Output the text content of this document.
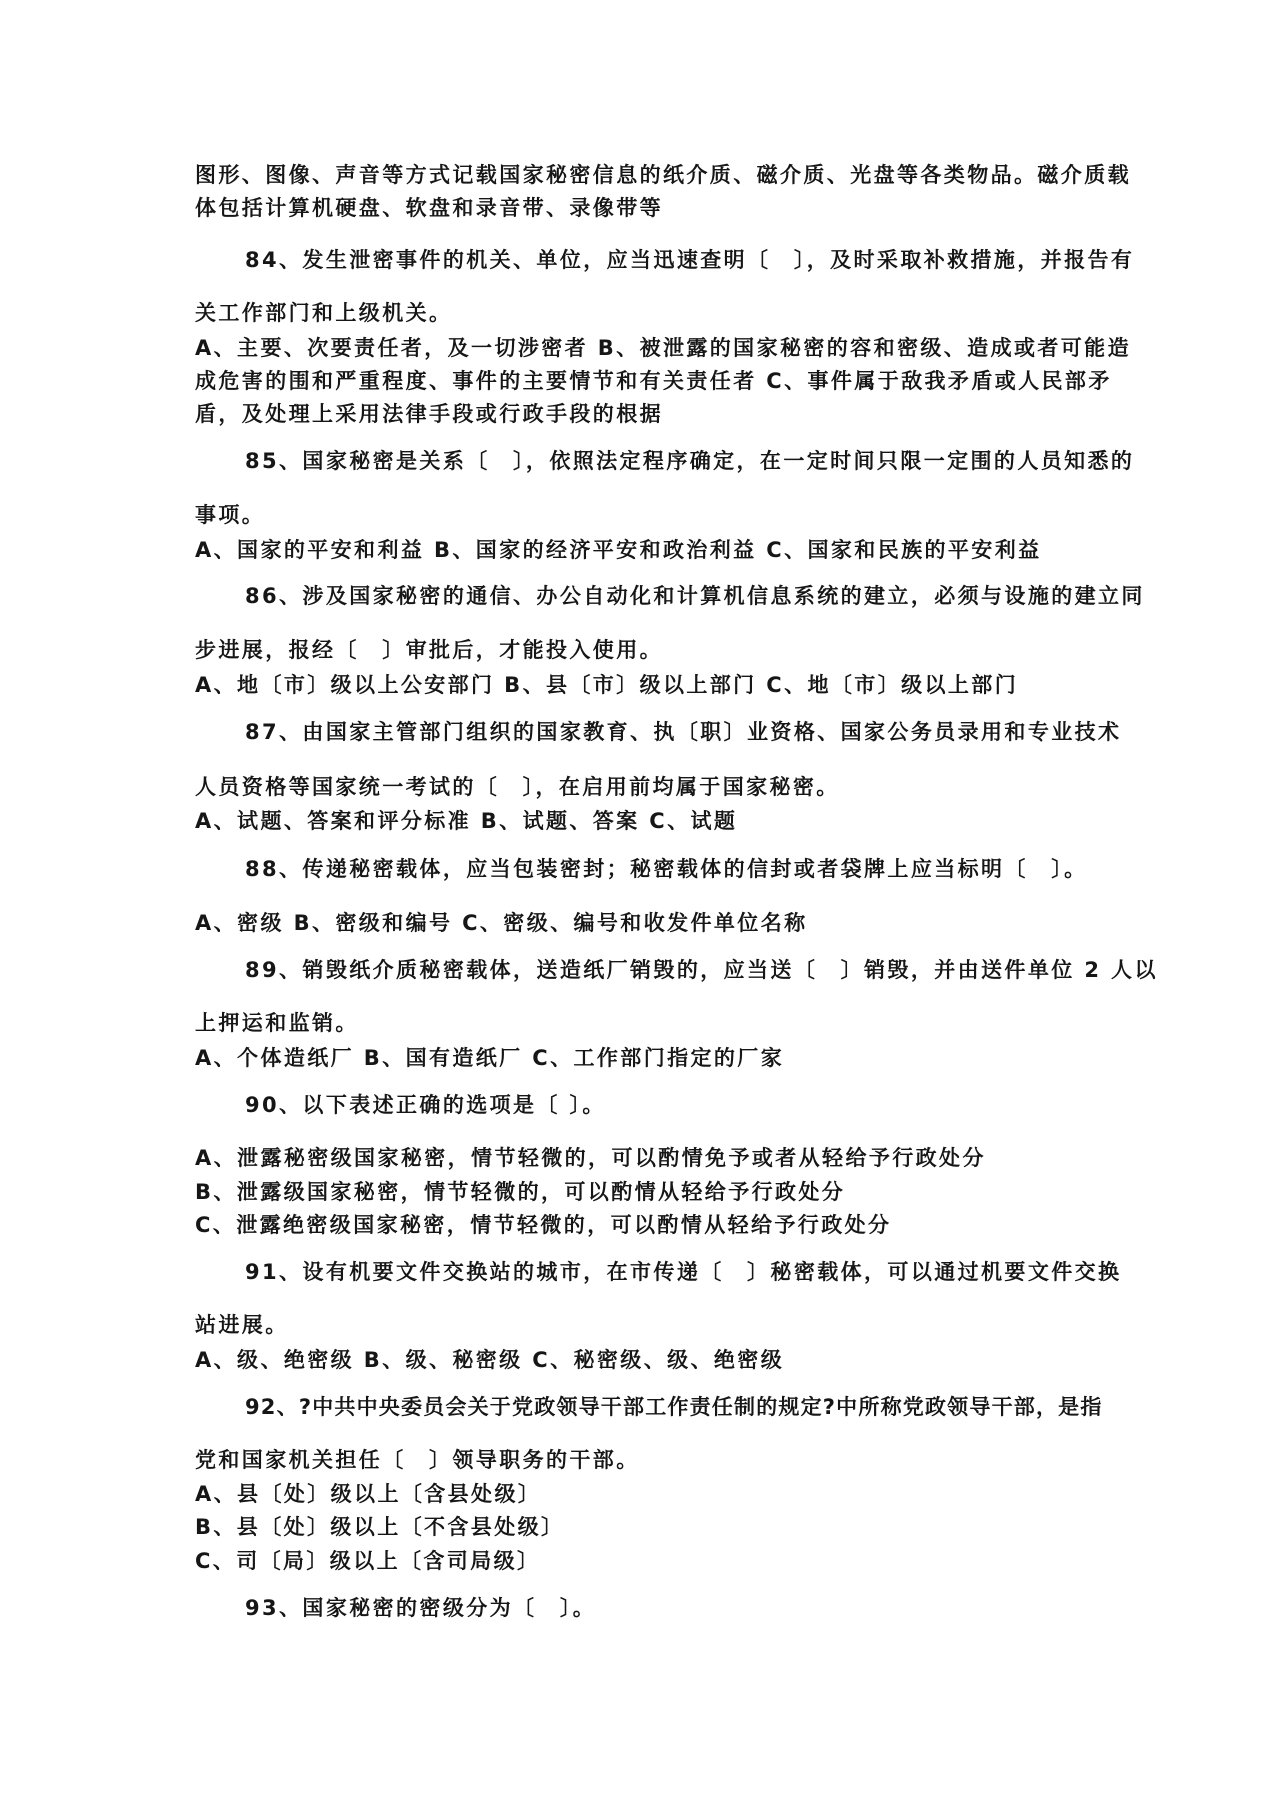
图形、图像、声音等方式记载国家秘密信息的纸介质、磁介质、光盘等各类物品。磁介质载
体包括计算机硬盘、软盘和录音带、录像带等
84、发生泄密事件的机关、单位，应当迅速查明〔　〕，及时采取补救措施，并报告有
关工作部门和上级机关。
A、主要、次要责任者，及一切涉密者 B、被泄露的国家秘密的容和密级、造成或者可能造
成危害的围和严重程度、事件的主要情节和有关责任者 C、事件属于敌我矛盾或人民部矛
盾，及处理上采用法律手段或行政手段的根据
85、国家秘密是关系〔　〕，依照法定程序确定，在一定时间只限一定围的人员知悉的
事项。
A、国家的平安和利益 B、国家的经济平安和政治利益 C、国家和民族的平安利益
86、涉及国家秘密的通信、办公自动化和计算机信息系统的建立，必须与设施的建立同
步进展，报经〔　〕审批后，才能投入使用。
A、地〔市〕级以上公安部门 B、县〔市〕级以上部门 C、地〔市〕级以上部门
87、由国家主管部门组织的国家教育、执〔职〕业资格、国家公务员录用和专业技术
人员资格等国家统一考试的〔　〕，在启用前均属于国家秘密。
A、试题、答案和评分标准 B、试题、答案 C、试题
88、传递秘密载体，应当包装密封；秘密载体的信封或者袋牌上应当标明〔　〕。
A、密级 B、密级和编号 C、密级、编号和收发件单位名称
89、销毁纸介质秘密载体，送造纸厂销毁的，应当送〔　〕销毁，并由送件单位 2 人以
上押运和监销。
A、个体造纸厂 B、国有造纸厂 C、工作部门指定的厂家
90、以下表述正确的选项是〔 〕。
A、泄露秘密级国家秘密，情节轻微的，可以酌情免予或者从轻给予行政处分
B、泄露级国家秘密，情节轻微的，可以酌情从轻给予行政处分
C、泄露绝密级国家秘密，情节轻微的，可以酌情从轻给予行政处分
91、设有机要文件交换站的城市，在市传递〔　〕秘密载体，可以通过机要文件交换
站进展。
A、级、绝密级 B、级、秘密级 C、秘密级、级、绝密级
92、?中共中央委员会关于党政领导干部工作责任制的规定?中所称党政领导干部，是指
党和国家机关担任〔　〕领导职务的干部。
A、县〔处〕级以上〔含县处级〕
B、县〔处〕级以上〔不含县处级〕
C、司〔局〕级以上〔含司局级〕
93、国家秘密的密级分为〔　〕。
